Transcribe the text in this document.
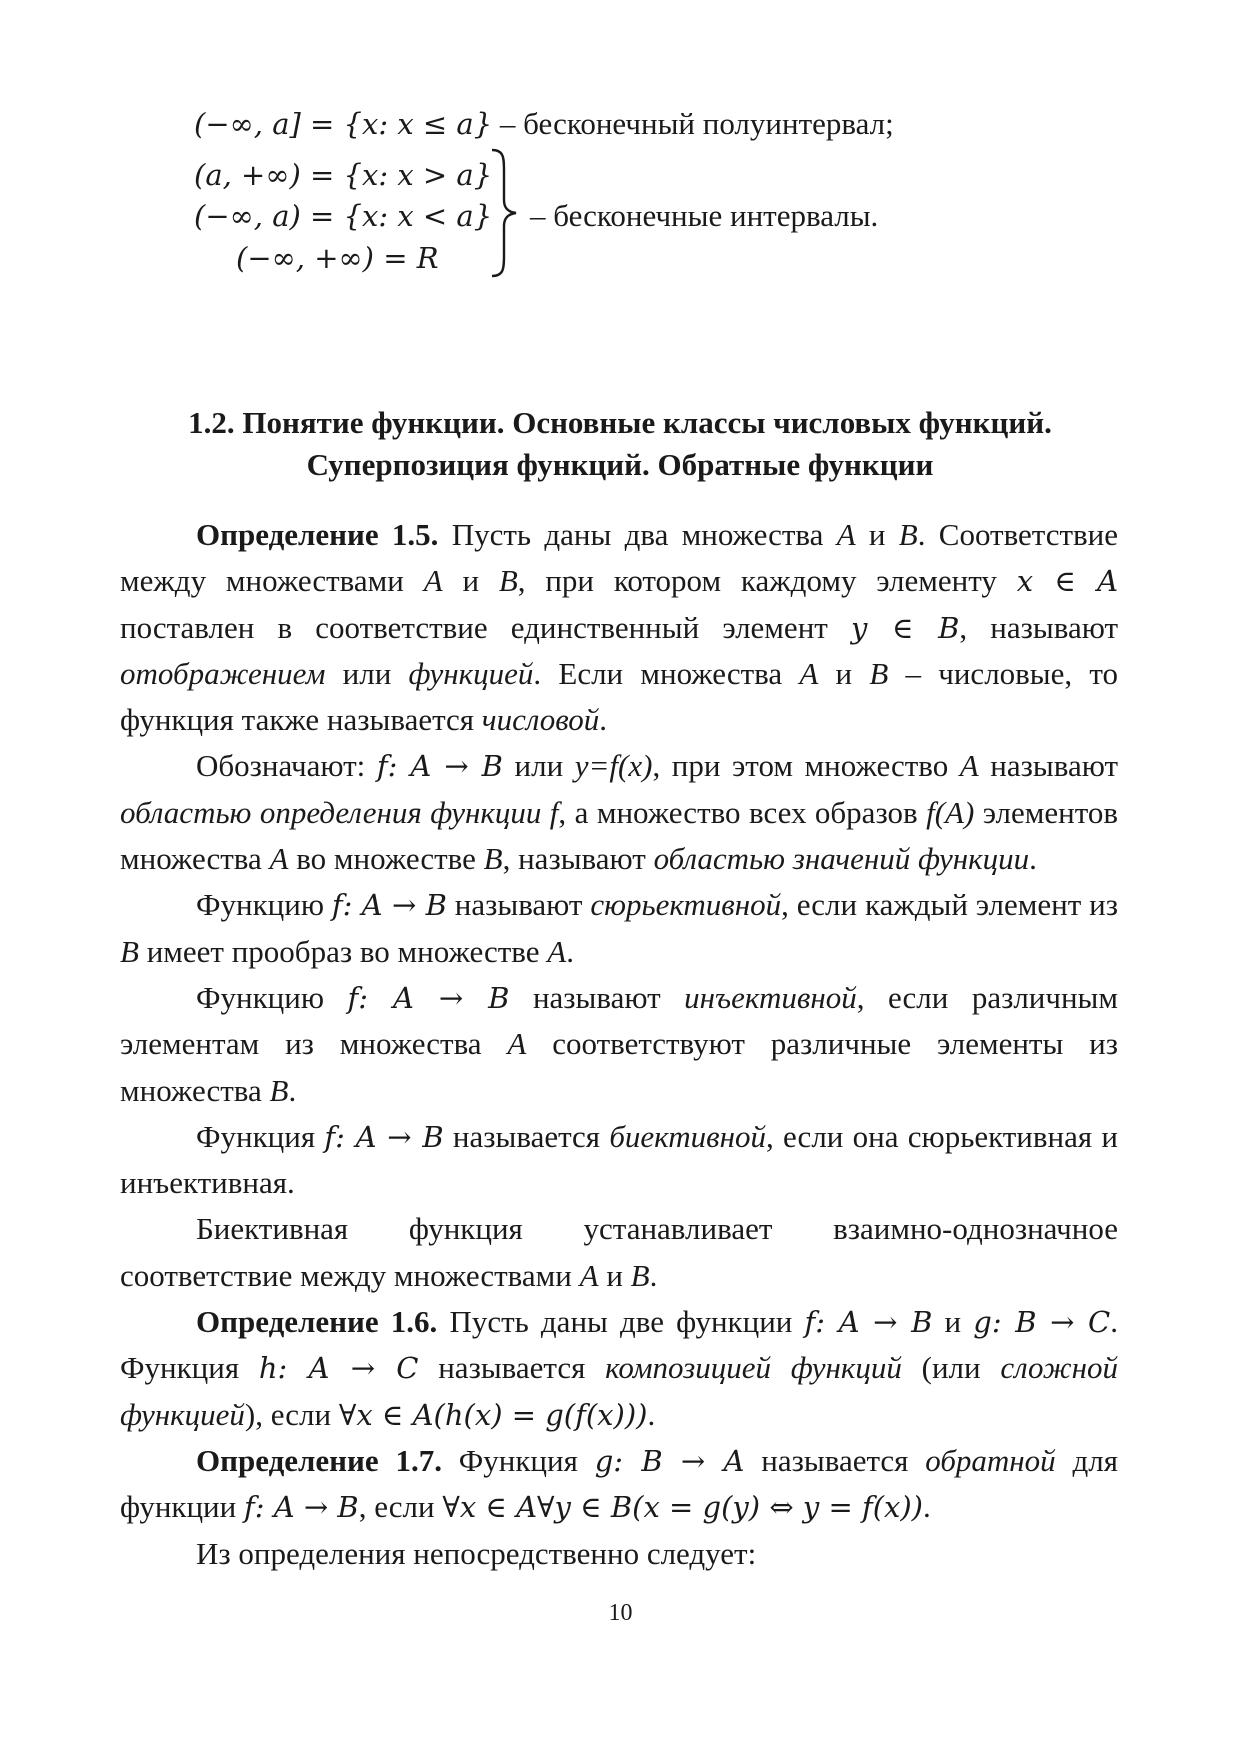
(−∞, a] = {x: x ≤ a} – бесконечный полуинтервал;
(a, +∞) = {x: x > a}
(−∞, a) = {x: x < a}
(−∞, +∞) = R
– бесконечные интервалы.
1.2. Понятие функции. Основные классы числовых функций.
Суперпозиция функций. Обратные функции

Определение 1.5. Пусть даны два множества A и B. Соответствие между множествами A и B, при котором каждому элементу x ∈ A поставлен в соответствие единственный элемент y ∈ B, называют отображением или функцией. Если множества A и B – числовые, то функция также называется числовой.

Обозначают: f: A → B или y=f(x), при этом множество A называют областью определения функции f, а множество всех образов f(A) элементов множества A во множестве B, называют областью значений функции.

Функцию f: A → B называют сюрьективной, если каждый элемент из B имеет прообраз во множестве A.

Функцию f: A → B называют инъективной, если различным элементам из множества A соответствуют различные элементы из множества B.

Функция f: A → B называется биективной, если она сюрьективная и инъективная.

Биективная функция устанавливает взаимно-однозначное соответствие между множествами A и B.

Определение 1.6. Пусть даны две функции f: A → B и g: B → C. Функция h: A → C называется композицией функций (или сложной функцией), если ∀x ∈ A(h(x) = g(f(x))).

Определение 1.7. Функция g: B → A называется обратной для функции f: A → B, если ∀x ∈ A∀y ∈ B(x = g(y) ⇔ y = f(x)).

Из определения непосредственно следует:

10
